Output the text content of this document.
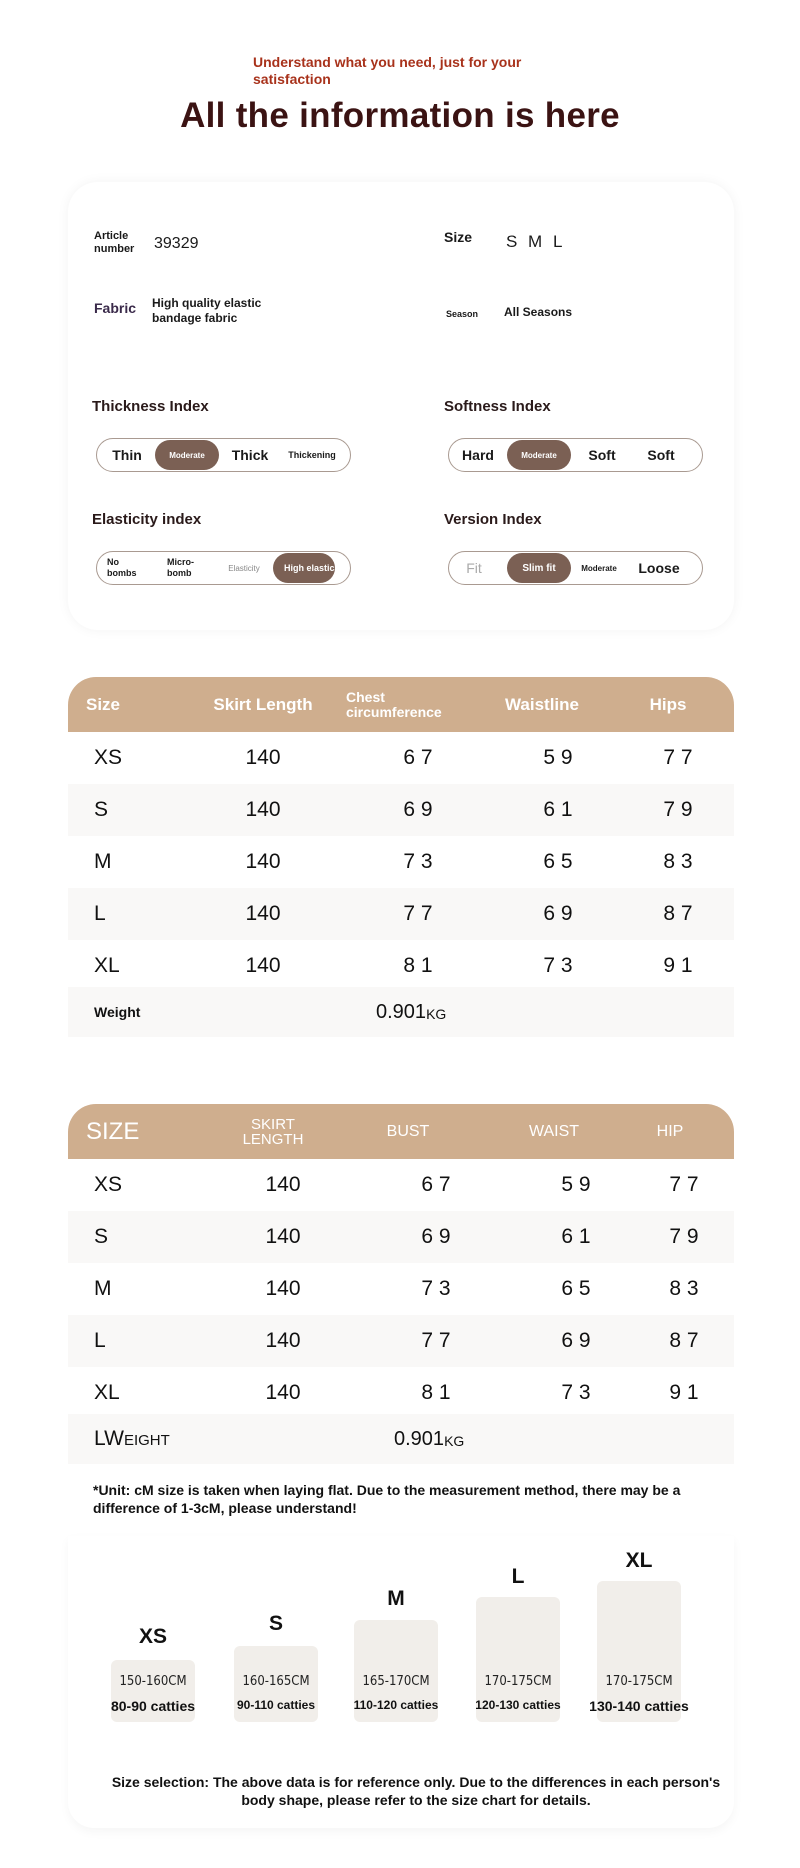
Understand what you need, just for your satisfaction
All the information is here
Article number	39329	Size S M L
Fabric High quality elastic bandage fabric	Season All Seasons
Thickness Index
Thin	Moderate	Thick	Thickening
Softness Index
Hard	Moderate	Soft	Soft
Elasticity index
No bombs
Micro-bomb	Elasticity	High elasticity
Version Index
Fit	Slim fit	Moderate	Loose
Size	Skirt Length	Chest circumference	Waistline	Hips
XS	140	6 7	5 9	7 7
S	140	6 9	6 1	7 9
M	140	7 3	6 5	8 3
L	140	7 7	6 9	8 7
XL	140	8 1	7 3	9 1
Weight	0.901 KG
SIZE	SKIRT LENGTH	BUST	WAIST	HIP
XS	140	6 7	5 9	7 7
S	140	6 9	6 1	7 9
M	140	7 3	6 5	8 3
L	140	7 7	6 9	8 7
XL	140	8 1	7 3	9 1
LW EIGHT	0.901 KG
*Unit: cM size is taken when laying flat. Due to the measurement method, there may be a difference of 1-3cM, please understand!
XS
150-160CM
80-90 catties
S
160-165CM
90-110 catties
M
165-170CM
110-120 catties
L
170-175CM
120-130 catties
XL
170-175CM
130-140 catties
Size selection: The above data is for reference only. Due to the differences in each person's body shape, please refer to the size chart for details.
